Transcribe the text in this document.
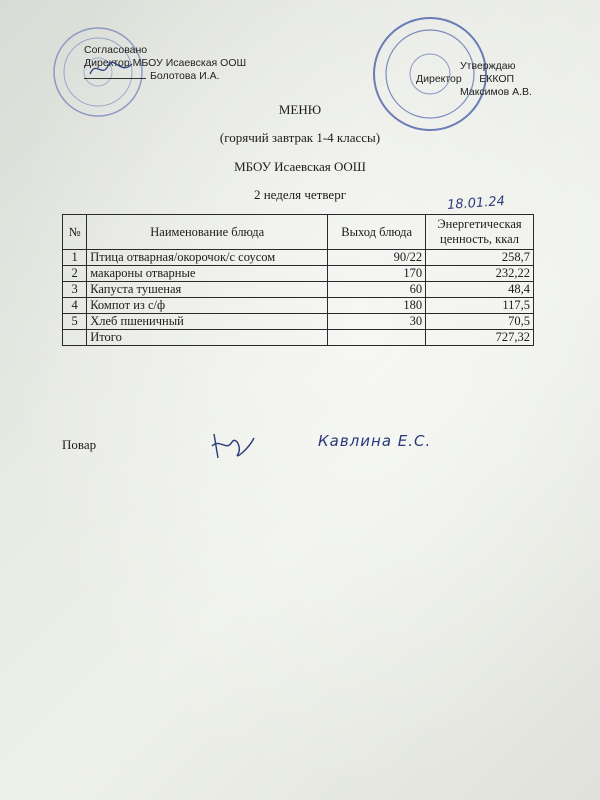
Согласовано
Директор МБОУ Исаевская ООШ
Болотова И.А.
Утверждаю
Директор ЕККОП
Максимов А.В.
МЕНЮ
(горячий завтрак 1-4 классы)
МБОУ Исаевская ООШ
2 неделя четверг	18.01.24
№	Наименование блюда	Выход блюда	Энергетическая ценность, ккал
1	Птица отварная/окорочок/с соусом	90/22	258,7
2	макароны отварные	170	232,22
3	Капуста тушеная	60	48,4
4	Компот из с/ф	180	117,5
5	Хлеб пшеничный	30	70,5
	Итого		727,32
Повар	Кавлина Е.С.
